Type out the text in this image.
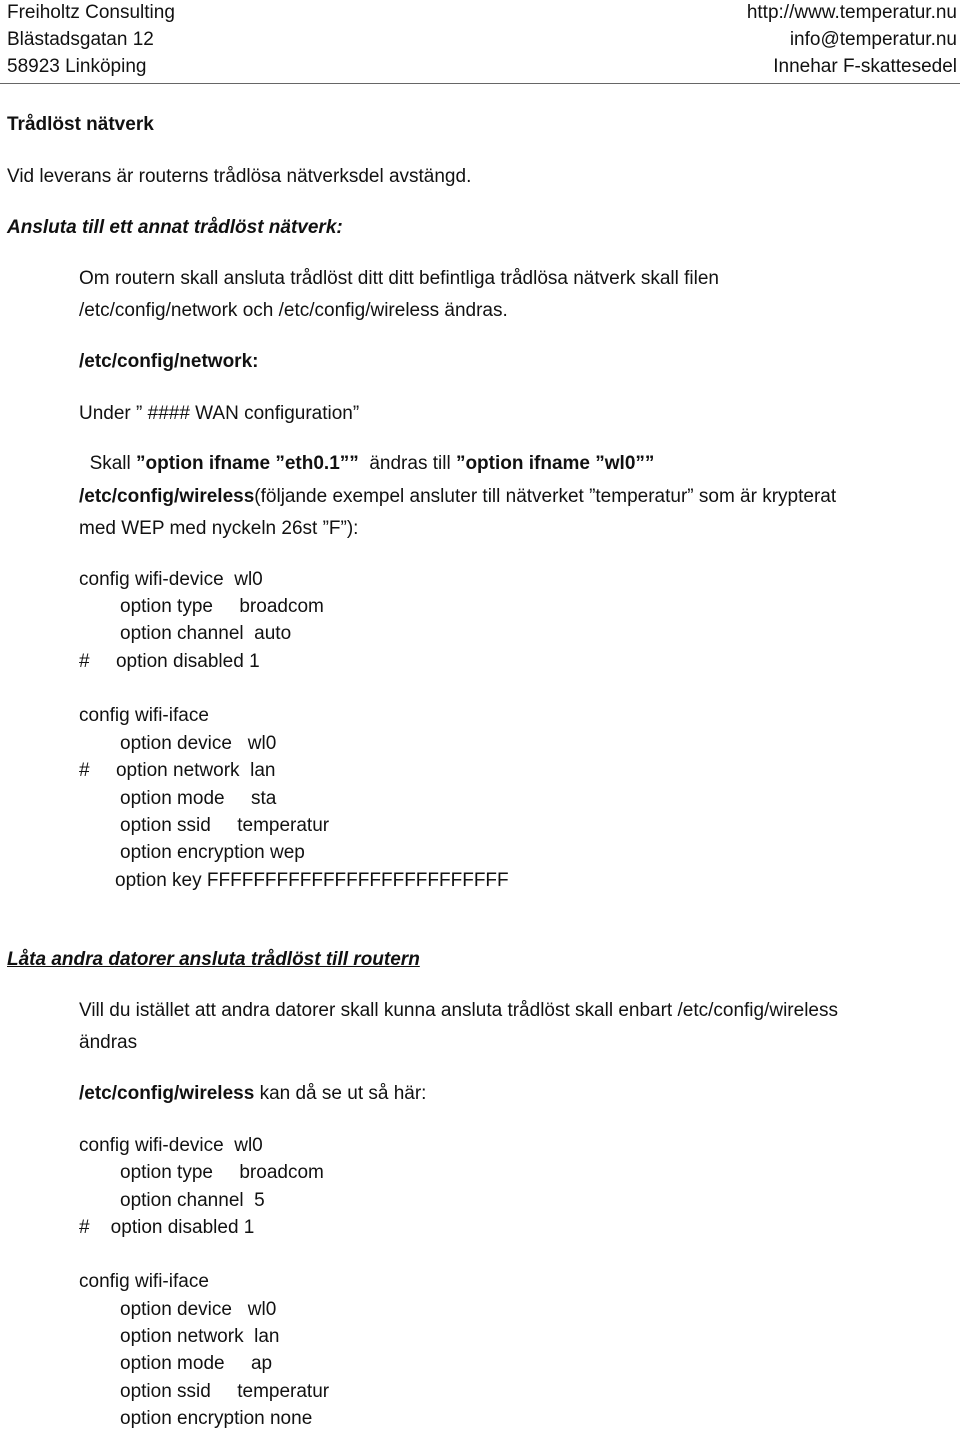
Freiholtz Consulting
Blästadsgatan 12
58923 Linköping
http://www.temperatur.nu
info@temperatur.nu
Innehar F-skattesedel
Trådlöst nätverk
Vid leverans är routerns trådlösa nätverksdel avstängd.
Ansluta till ett annat trådlöst nätverk:
Om routern skall ansluta trådlöst ditt ditt befintliga trådlösa nätverk skall filen
/etc/config/network och /etc/config/wireless ändras.
/etc/config/network:
Under ” #### WAN configuration”

Skall ”option ifname ”eth0.1”” ändras till ”option ifname ”wl0””

/etc/config/wireless(följande exempel ansluter till nätverket ”temperatur” som är krypterat
med WEP med nyckeln 26st ”F”):
config wifi-device  wl0
option type     broadcom
option channel  auto
#     option disabled 1
config wifi-iface
option device   wl0
#     option network  lan
option mode     sta
option ssid     temperatur
option encryption wep
option key FFFFFFFFFFFFFFFFFFFFFFFFFF
Låta andra datorer ansluta trådlöst till routern
Vill du istället att andra datorer skall kunna ansluta trådlöst skall enbart /etc/config/wireless
ändras
/etc/config/wireless kan då se ut så här:
config wifi-device  wl0
option type     broadcom
option channel  5
#    option disabled 1
config wifi-iface
option device   wl0
option network  lan
option mode     ap
option ssid     temperatur
option encryption none
